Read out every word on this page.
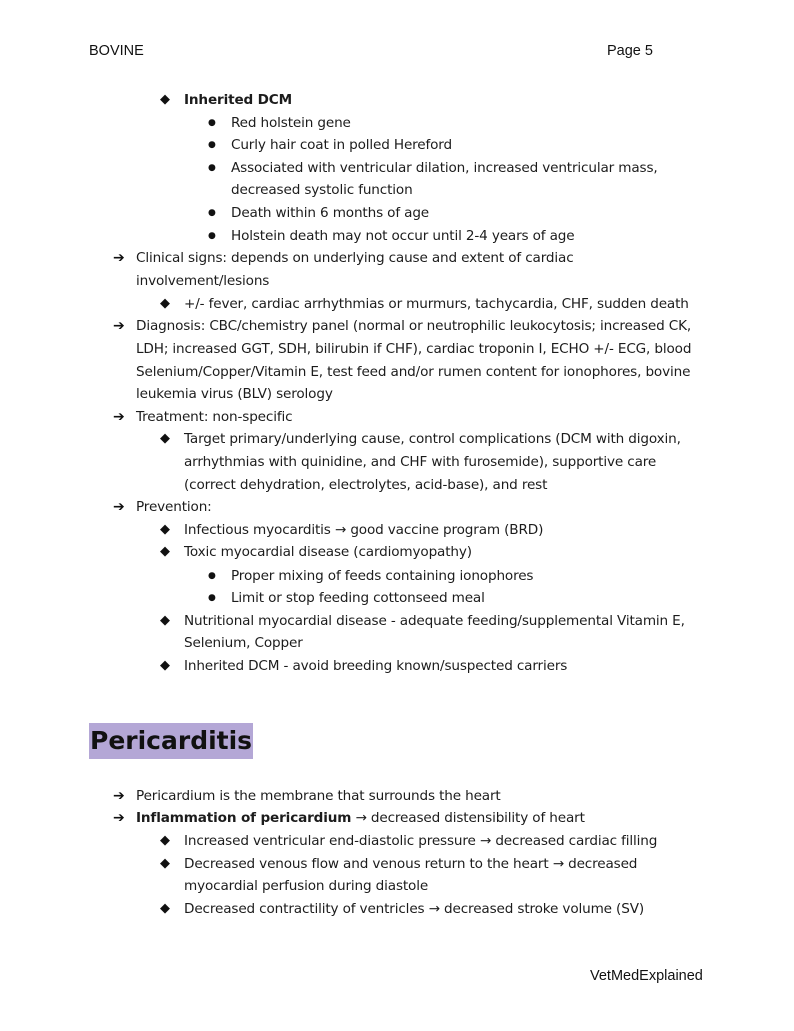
BOVINE	Page 5
◆ Inherited DCM
● Red holstein gene
● Curly hair coat in polled Hereford
● Associated with ventricular dilation, increased ventricular mass,
decreased systolic function
● Death within 6 months of age
● Holstein death may not occur until 2-4 years of age
➔ Clinical signs: depends on underlying cause and extent of cardiac
involvement/lesions
◆ +/- fever, cardiac arrhythmias or murmurs, tachycardia, CHF, sudden death
➔ Diagnosis: CBC/chemistry panel (normal or neutrophilic leukocytosis; increased CK,
LDH; increased GGT, SDH, bilirubin if CHF), cardiac troponin I, ECHO +/- ECG, blood
Selenium/Copper/Vitamin E, test feed and/or rumen content for ionophores, bovine
leukemia virus (BLV) serology
➔ Treatment: non-specific
◆ Target primary/underlying cause, control complications (DCM with digoxin,
arrhythmias with quinidine, and CHF with furosemide), supportive care
(correct dehydration, electrolytes, acid-base), and rest
➔ Prevention:
◆ Infectious myocarditis → good vaccine program (BRD)
◆ Toxic myocardial disease (cardiomyopathy)
● Proper mixing of feeds containing ionophores
● Limit or stop feeding cottonseed meal
◆ Nutritional myocardial disease - adequate feeding/supplemental Vitamin E,
Selenium, Copper
◆ Inherited DCM - avoid breeding known/suspected carriers
Pericarditis
➔ Pericardium is the membrane that surrounds the heart
➔ Inflammation of pericardium → decreased distensibility of heart
◆ Increased ventricular end-diastolic pressure → decreased cardiac filling
◆ Decreased venous flow and venous return to the heart → decreased
myocardial perfusion during diastole
◆ Decreased contractility of ventricles → decreased stroke volume (SV)
VetMedExplained
